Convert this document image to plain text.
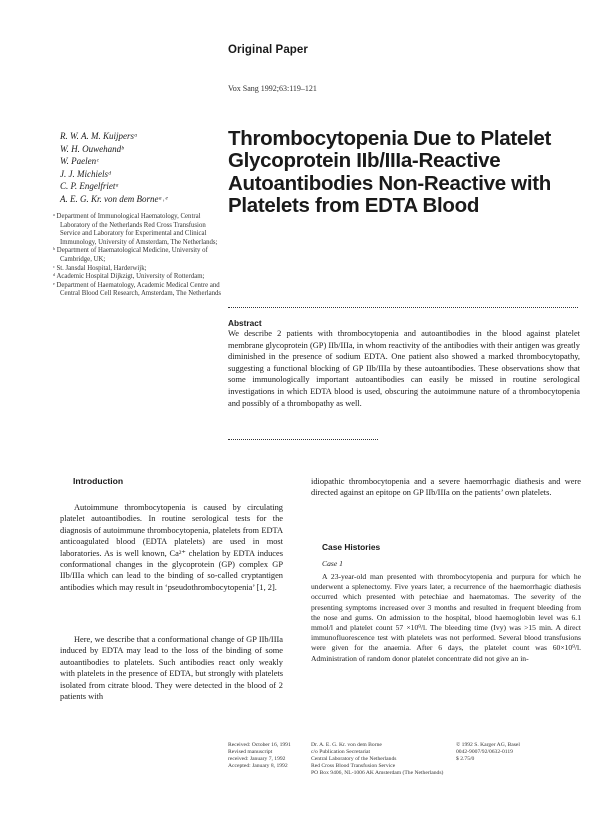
Original Paper
Vox Sang 1992;63:119–121
R. W. A. M. Kuijpersᵃ
W. H. Ouwehandᵇ
W. Paelenᶜ
J. J. Michielsᵈ
C. P. Engelfrietᵃ
A. E. G. Kr. von dem Borneᵃ˒ᵉ
ᵃ Department of Immunological Haematology, Central Laboratory of the Netherlands Red Cross Transfusion Service and Laboratory for Experimental and Clinical Immunology, University of Amsterdam, The Netherlands;
ᵇ Department of Haematological Medicine, University of Cambridge, UK;
ᶜ St. Jansdal Hospital, Harderwijk;
ᵈ Academic Hospital Dijkzigt, University of Rotterdam;
ᵉ Department of Haematology, Academic Medical Centre and Central Blood Cell Research, Amsterdam, The Netherlands
Thrombocytopenia Due to Platelet Glycoprotein IIb/IIIa-Reactive Autoantibodies Non-Reactive with Platelets from EDTA Blood
Abstract
We describe 2 patients with thrombocytopenia and autoantibodies in the blood against platelet membrane glycoprotein (GP) IIb/IIIa, in whom reactivity of the antibodies with their antigen was greatly diminished in the presence of sodium EDTA. One patient also showed a marked thrombocytopathy, suggesting a functional blocking of GP IIb/IIIa by these autoantibodies. These observations show that some immunologically important autoantibodies can easily be missed in routine serological investigations in which EDTA blood is used, obscuring the autoimmune nature of a thrombocytopenia and possibly of a thrombopathy as well.
Introduction
Autoimmune thrombocytopenia is caused by circulating platelet autoantibodies. In routine serological tests for the diagnosis of autoimmune thrombocytopenia, platelets from EDTA anticoagulated blood (EDTA platelets) are used in most laboratories. As is well known, Ca²⁺ chelation by EDTA induces conformational changes in the glycoprotein (GP) complex GP IIb/IIIa which can lead to the binding of so-called cryptantigen antibodies which may result in ‘pseudothrombocytopenia’ [1, 2].
Here, we describe that a conformational change of GP IIb/IIIa induced by EDTA may lead to the loss of the binding of some autoantibodies to platelets. Such antibodies react only weakly with platelets in the presence of EDTA, but strongly with platelets isolated from citrate blood. They were detected in the blood of 2 patients with
idiopathic thrombocytopenia and a severe haemorrhagic diathesis and were directed against an epitope on GP IIb/IIIa on the patients’ own platelets.
Case Histories
Case 1
A 23-year-old man presented with thrombocytopenia and purpura for which he underwent a splenectomy. Five years later, a recurrence of the haemorrhagic diathesis occurred which presented with petechiae and haematomas. The severity of the presenting symptoms increased over 3 months and resulted in frequent bleeding from the nose and gums. On admission to the hospital, blood haemoglobin level was 6.1 mmol/l and platelet count 57 ×10⁹/l. The bleeding time (Ivy) was >15 min. A direct immunofluorescence test with platelets was not performed. Several blood transfusions were given for the anaemia. After 6 days, the platelet count was 60×10⁹/l. Administration of random donor platelet concentrate did not give an in-
Received: October 16, 1991
Revised manuscript
received: January 7, 1992
Accepted: January 8, 1992
Dr. A. E. G. Kr. von dem Borne
c/o Publication Secretariat
Central Laboratory of the Netherlands
Red Cross Blood Transfusion Service
PO Box 9406, NL-1006 AK Amsterdam (The Netherlands)
© 1992 S. Karger AG, Basel
0042-9007/92/0632-0119
$ 2.75/0
